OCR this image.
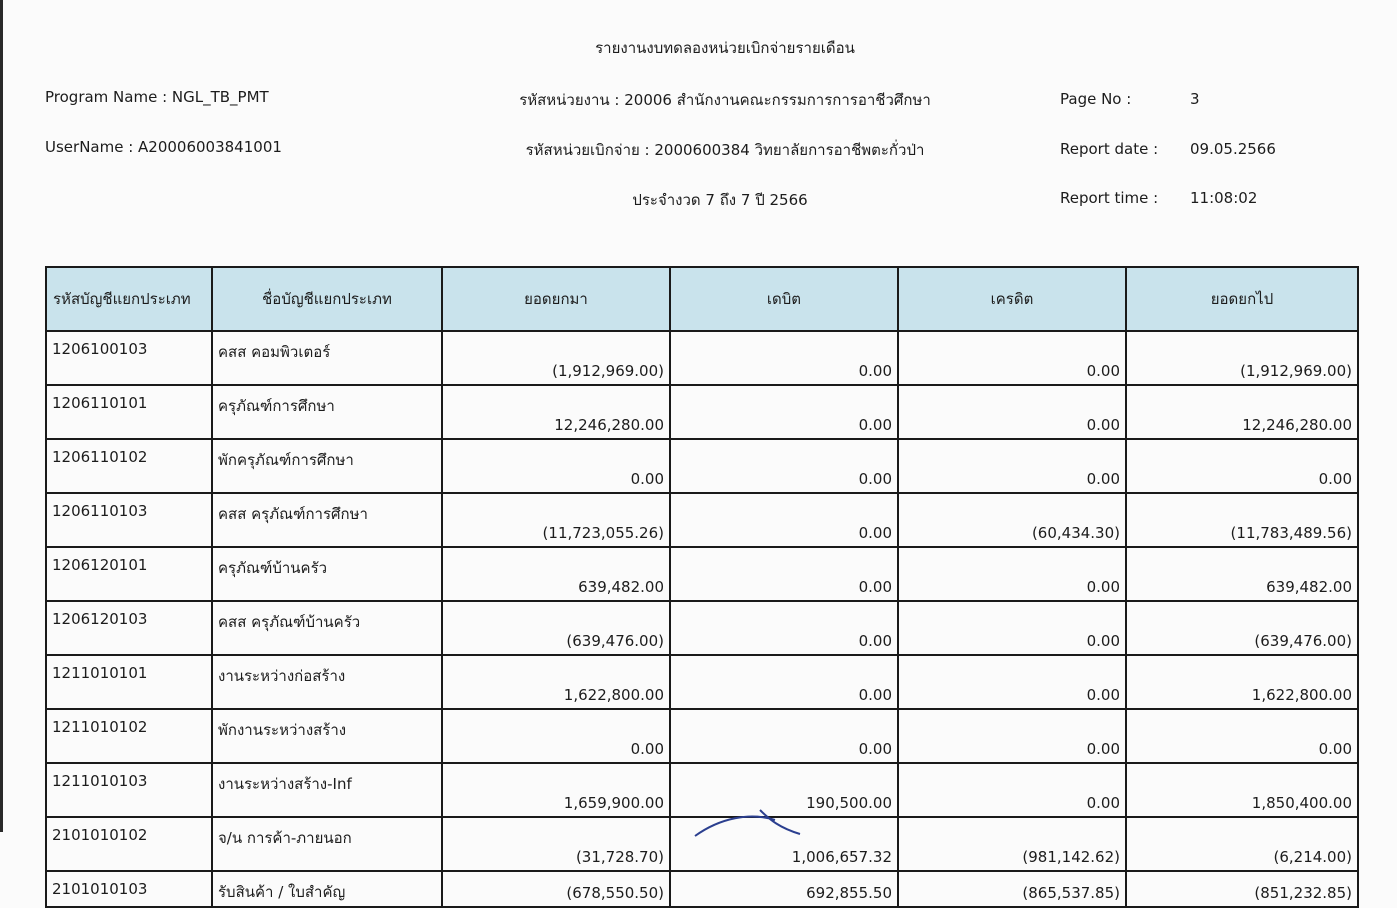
รายงานงบทดลองหน่วยเบิกจ่ายรายเดือน
Program Name : NGL_TB_PMT
UserName : A20006003841001
รหัสหน่วยงาน : 20006 สำนักงานคณะกรรมการการอาชีวศึกษา
รหัสหน่วยเบิกจ่าย : 2000600384 วิทยาลัยการอาชีพตะกั่วป่า
ประจำงวด 7 ถึง 7 ปี 2566
Page No :	3
Report date : 09.05.2566
Report time : 11:08:02
รหัสบัญชีแยกประเภท	ชื่อบัญชีแยกประเภท	ยอดยกมา	เดบิต	เครดิต	ยอดยกไป
1206100103	คสส คอมพิวเตอร์	(1,912,969.00)	0.00	0.00	(1,912,969.00)
1206110101	ครุภัณฑ์การศึกษา	12,246,280.00	0.00	0.00	12,246,280.00
1206110102	พักครุภัณฑ์การศึกษา	0.00	0.00	0.00	0.00
1206110103	คสส ครุภัณฑ์การศึกษา	(11,723,055.26)	0.00	(60,434.30)	(11,783,489.56)
1206120101	ครุภัณฑ์บ้านครัว	639,482.00	0.00	0.00	639,482.00
1206120103	คสส ครุภัณฑ์บ้านครัว	(639,476.00)	0.00	0.00	(639,476.00)
1211010101	งานระหว่างก่อสร้าง	1,622,800.00	0.00	0.00	1,622,800.00
1211010102	พักงานระหว่างสร้าง	0.00	0.00	0.00	0.00
1211010103	งานระหว่างสร้าง-Inf	1,659,900.00	190,500.00	0.00	1,850,400.00
2101010102	จ/น การค้า-ภายนอก	(31,728.70)	1,006,657.32	(981,142.62)	(6,214.00)
2101010103	รับสินค้า / ใบสำคัญ	(678,550.50)	692,855.50	(865,537.85)	(851,232.85)
